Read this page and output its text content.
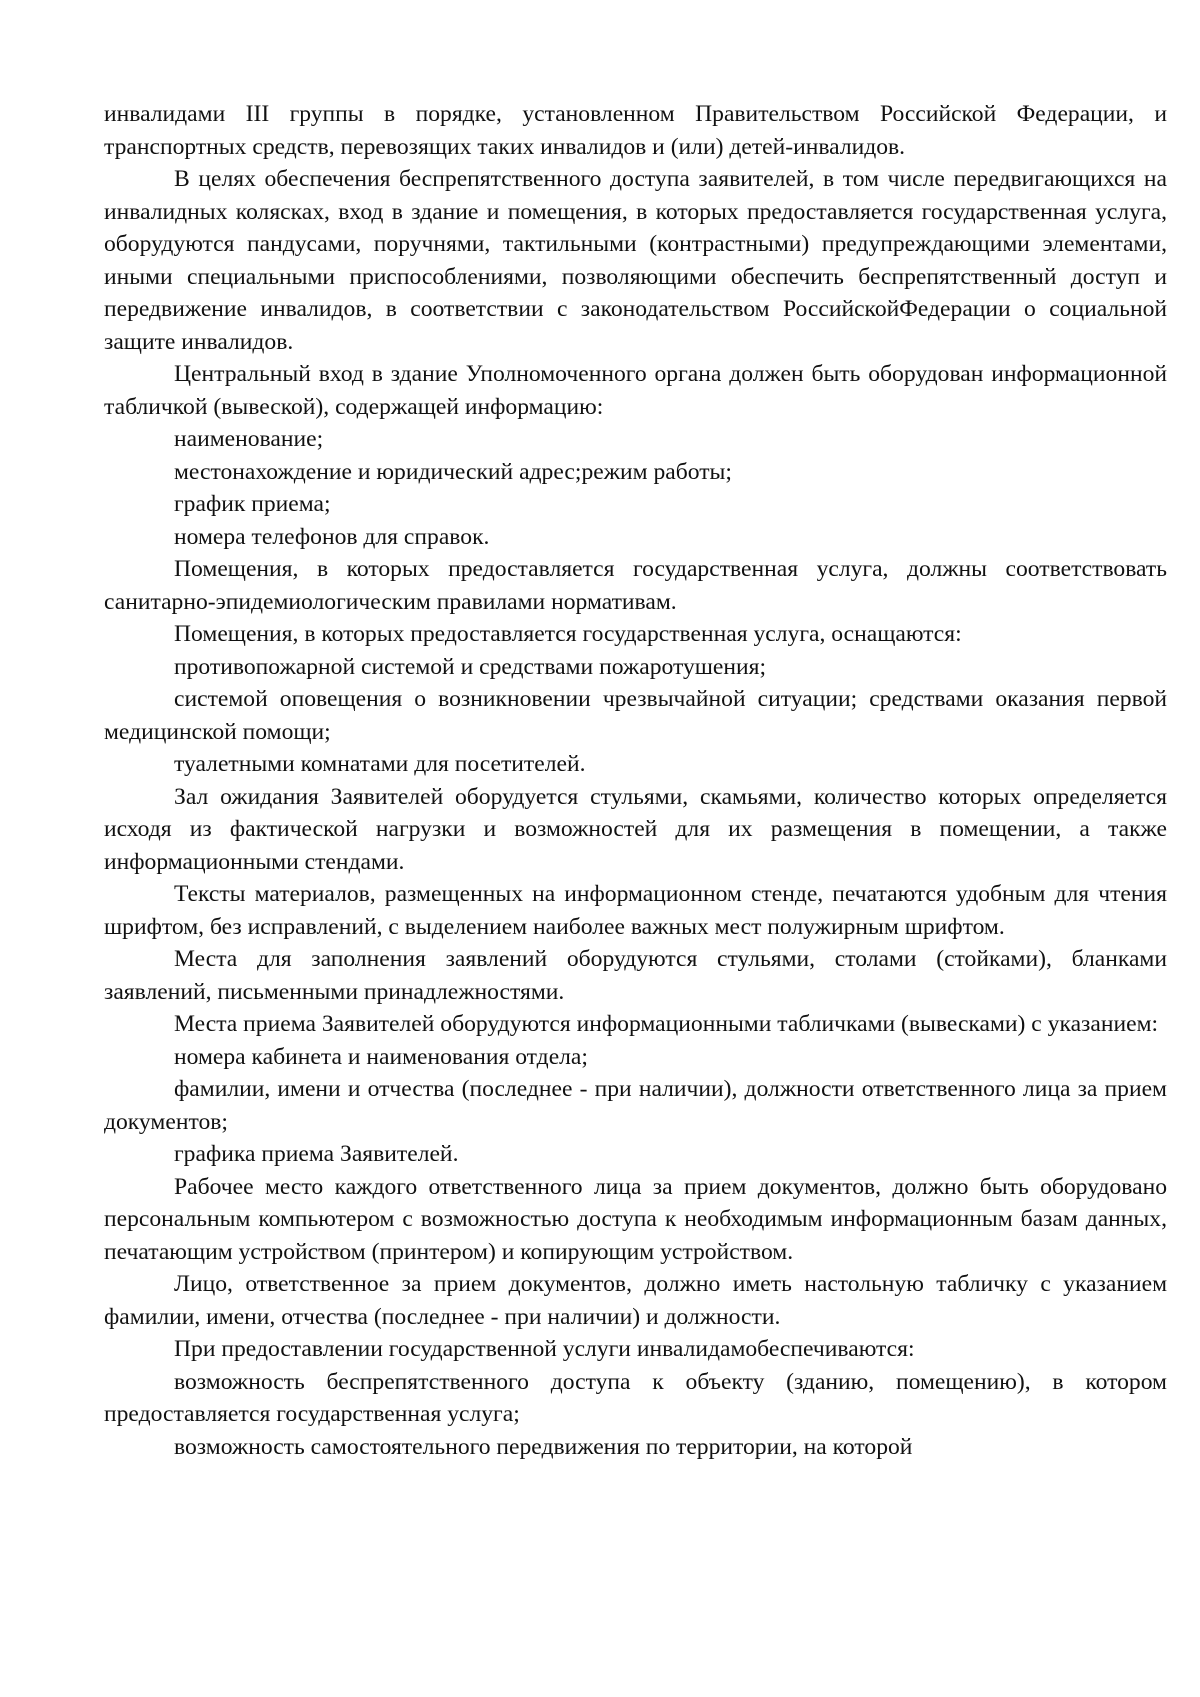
инвалидами III группы в порядке, установленном Правительством Российской Федерации, и транспортных средств, перевозящих таких инвалидов и (или) детей-инвалидов.

В целях обеспечения беспрепятственного доступа заявителей, в том числе передвигающихся на инвалидных колясках, вход в здание и помещения, в которых предоставляется государственная услуга, оборудуются пандусами, поручнями, тактильными (контрастными) предупреждающими элементами, иными специальными приспособлениями, позволяющими обеспечить беспрепятственный доступ и передвижение инвалидов, в соответствии с законодательством РоссийскойФедерации о социальной защите инвалидов.

Центральный вход в здание Уполномоченного органа должен быть оборудован информационной табличкой (вывеской), содержащей информацию:

наименование;

местонахождение и юридический адрес;режим работы;

график приема;

номера телефонов для справок.

Помещения, в которых предоставляется государственная услуга, должны соответствовать санитарно-эпидемиологическим правилами нормативам.

Помещения, в которых предоставляется государственная услуга, оснащаются:

противопожарной системой и средствами пожаротушения;

системой оповещения о возникновении чрезвычайной ситуации; средствами оказания первой медицинской помощи;

туалетными комнатами для посетителей.

Зал ожидания Заявителей оборудуется стульями, скамьями, количество которых определяется исходя из фактической нагрузки и возможностей для их размещения в помещении, а также информационными стендами.

Тексты материалов, размещенных на информационном стенде, печатаются удобным для чтения шрифтом, без исправлений, с выделением наиболее важных мест полужирным шрифтом.

Места для заполнения заявлений оборудуются стульями, столами (стойками), бланками заявлений, письменными принадлежностями.

Места приема Заявителей оборудуются информационными табличками (вывесками) с указанием:

номера кабинета и наименования отдела;

фамилии, имени и отчества (последнее - при наличии), должности ответственного лица за прием документов;

графика приема Заявителей.

Рабочее место каждого ответственного лица за прием документов, должно быть оборудовано персональным компьютером с возможностью доступа к необходимым информационным базам данных, печатающим устройством (принтером) и копирующим устройством.

Лицо, ответственное за прием документов, должно иметь настольную табличку с указанием фамилии, имени, отчества (последнее - при наличии) и должности.

При предоставлении государственной услуги инвалидамобеспечиваются:

возможность беспрепятственного доступа к объекту (зданию, помещению), в котором предоставляется государственная услуга;

возможность самостоятельного передвижения по территории, на которой
